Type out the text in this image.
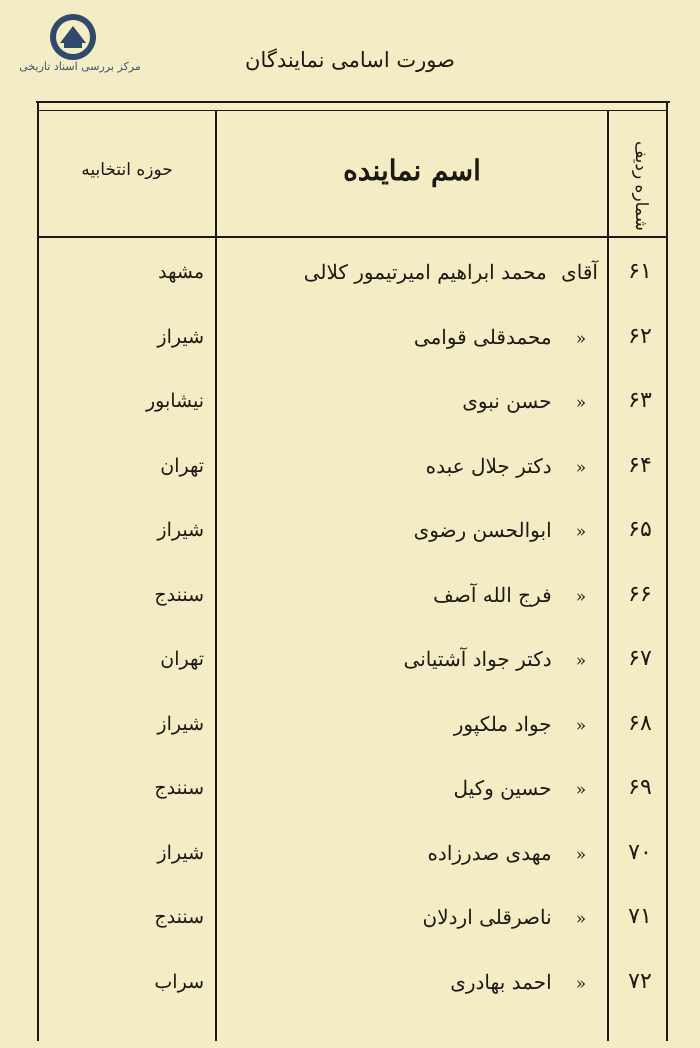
مرکز بررسی اسناد تاریخی	صورت اسامی نمایندگان
شماره ردیف
اسم نماینده
حوزه انتخابیه
۶۱
آقای محمد ابراهیم امیرتیمور کلالی
مشهد
۶۲
« محمدقلی قوامی
شیراز
۶۳
« حسن نبوی
نیشابور
۶۴
« دکتر جلال عبده
تهران
۶۵
« ابوالحسن رضوی
شیراز
۶۶
« فرج الله آصف
سنندج
۶۷
« دکتر جواد آشتیانی
تهران
۶۸
« جواد ملکپور
شیراز
۶۹
« حسین وکیل
سنندج
۷۰
« مهدی صدرزاده
شیراز
۷۱
« ناصرقلی اردلان
سنندج
۷۲
« احمد بهادری
سراب
